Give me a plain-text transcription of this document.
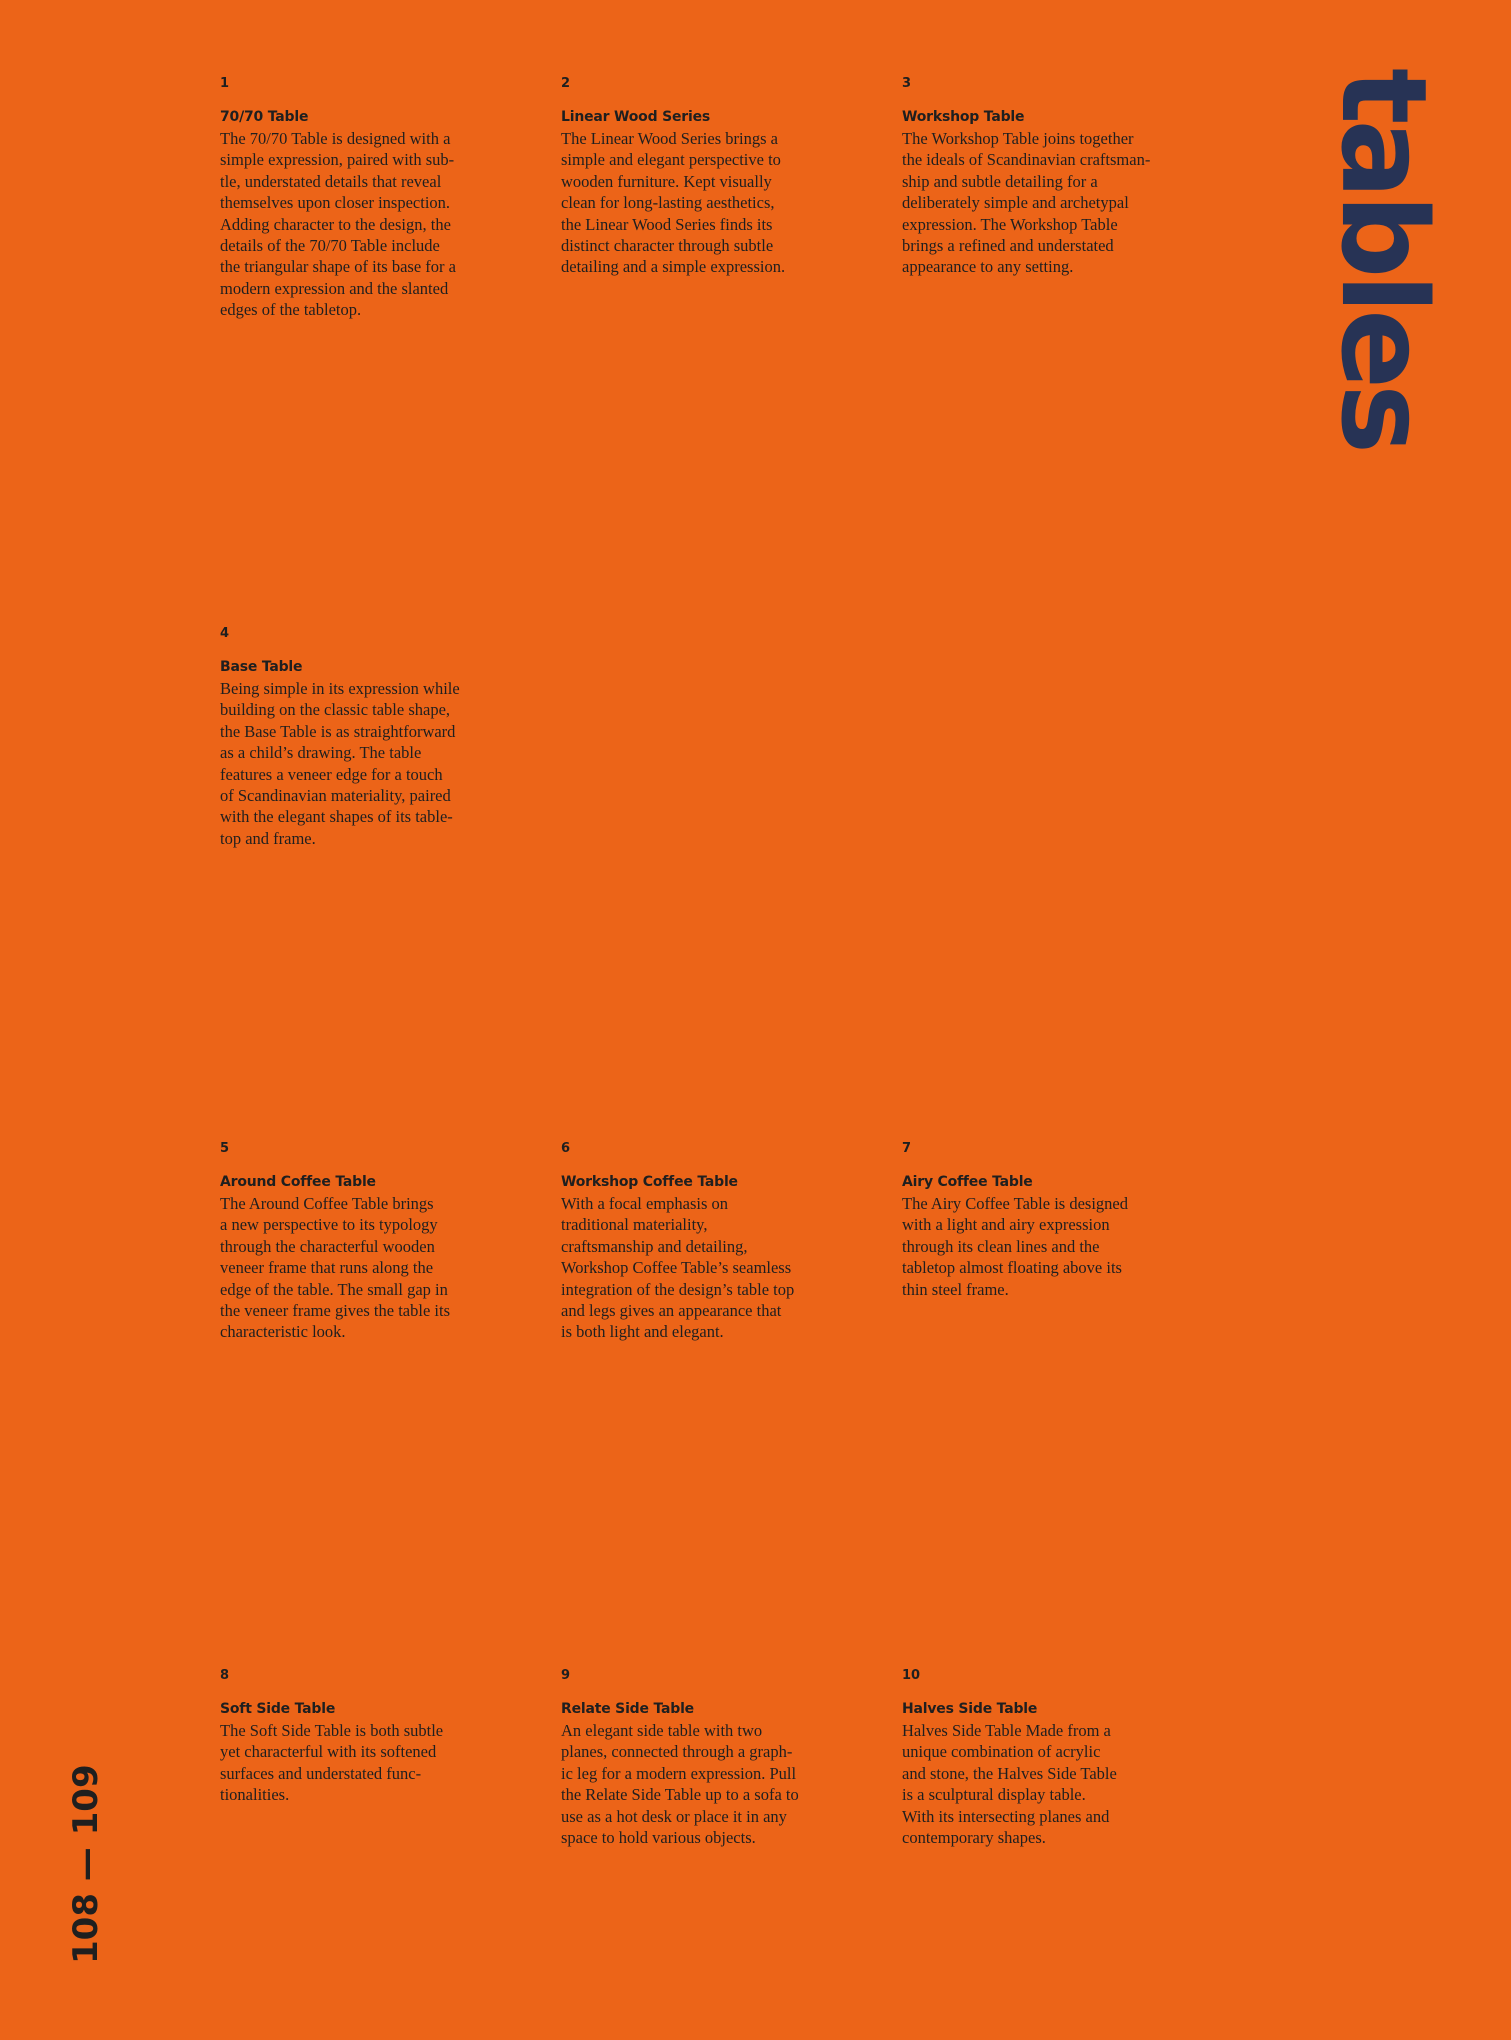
tables
108 — 109
1
70/70 Table
The 70/70 Table is designed with a
simple expression, paired with sub-
tle, understated details that reveal
themselves upon closer inspection.
Adding character to the design, the
details of the 70/70 Table include
the triangular shape of its base for a
modern expression and the slanted
edges of the tabletop.
2
Linear Wood Series
The Linear Wood Series brings a
simple and elegant perspective to
wooden furniture. Kept visually
clean for long-lasting aesthetics,
the Linear Wood Series finds its
distinct character through subtle
detailing and a simple expression.
3
Workshop Table
The Workshop Table joins together
the ideals of Scandinavian craftsman-
ship and subtle detailing for a
deliberately simple and archetypal
expression. The Workshop Table
brings a refined and understated
appearance to any setting.
4
Base Table
Being simple in its expression while
building on the classic table shape,
the Base Table is as straightforward
as a child’s drawing. The table
features a veneer edge for a touch
of Scandinavian materiality, paired
with the elegant shapes of its table-
top and frame.
5
Around Coffee Table
The Around Coffee Table brings
a new perspective to its typology
through the characterful wooden
veneer frame that runs along the
edge of the table. The small gap in
the veneer frame gives the table its
characteristic look.
6
Workshop Coffee Table
With a focal emphasis on
traditional materiality,
craftsmanship and detailing,
Workshop Coffee Table’s seamless
integration of the design’s table top
and legs gives an appearance that
is both light and elegant.
7
Airy Coffee Table
The Airy Coffee Table is designed
with a light and airy expression
through its clean lines and the
tabletop almost floating above its
thin steel frame.
8
Soft Side Table
The Soft Side Table is both subtle
yet characterful with its softened
surfaces and understated func-
tionalities.
9
Relate Side Table
An elegant side table with two
planes, connected through a graph-
ic leg for a modern expression. Pull
the Relate Side Table up to a sofa to
use as a hot desk or place it in any
space to hold various objects.
10
Halves Side Table
Halves Side Table Made from a
unique combination of acrylic
and stone, the Halves Side Table
is a sculptural display table.
With its intersecting planes and
contemporary shapes.
